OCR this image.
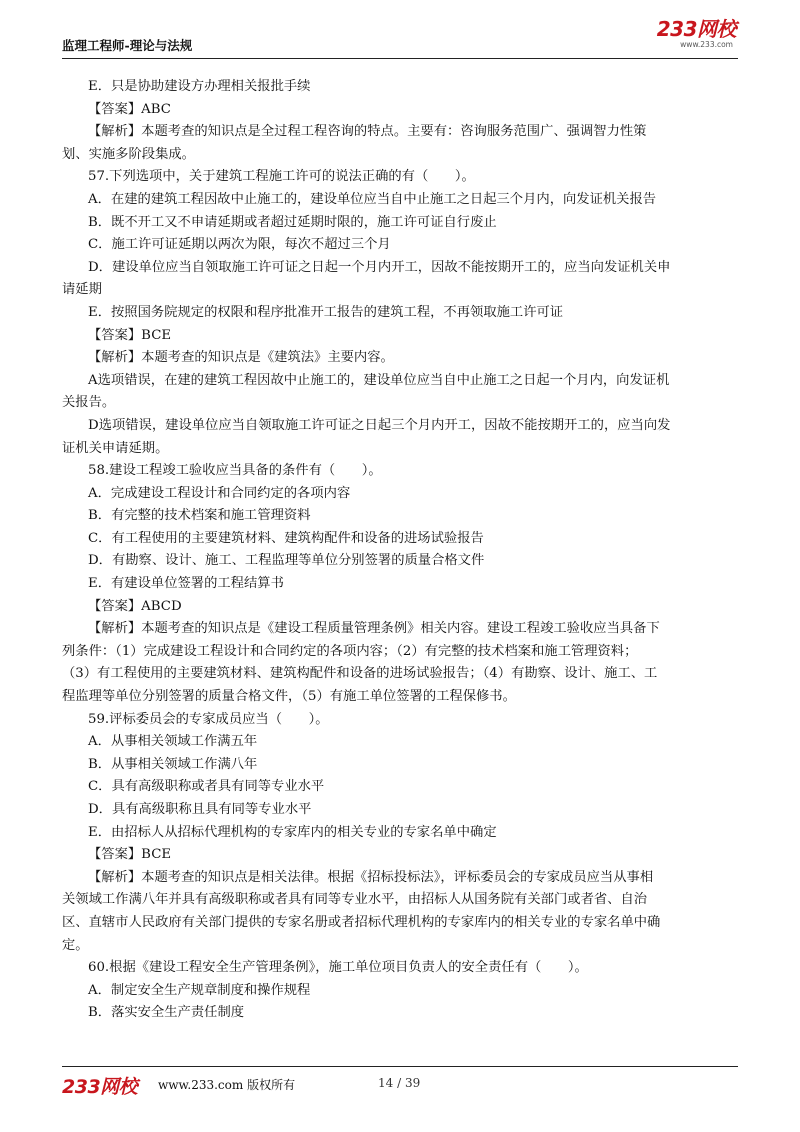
监理工程师-理论与法规
233网校
www.233.com
E．只是协助建设方办理相关报批手续
【答案】ABC
【解析】本题考查的知识点是全过程工程咨询的特点。主要有：咨询服务范围广、强调智力性策
划、实施多阶段集成。
57.下列选项中，关于建筑工程施工许可的说法正确的有（　　）。
A．在建的建筑工程因故中止施工的，建设单位应当自中止施工之日起三个月内，向发证机关报告
B．既不开工又不申请延期或者超过延期时限的，施工许可证自行废止
C．施工许可证延期以两次为限，每次不超过三个月
D．建设单位应当自领取施工许可证之日起一个月内开工，因故不能按期开工的，应当向发证机关申
请延期
E．按照国务院规定的权限和程序批准开工报告的建筑工程，不再领取施工许可证
【答案】BCE
【解析】本题考查的知识点是《建筑法》主要内容。
A选项错误，在建的建筑工程因故中止施工的，建设单位应当自中止施工之日起一个月内，向发证机
关报告。
D选项错误，建设单位应当自领取施工许可证之日起三个月内开工，因故不能按期开工的，应当向发
证机关申请延期。
58.建设工程竣工验收应当具备的条件有（　　）。
A．完成建设工程设计和合同约定的各项内容
B．有完整的技术档案和施工管理资料
C．有工程使用的主要建筑材料、建筑构配件和设备的进场试验报告
D．有勘察、设计、施工、工程监理等单位分别签署的质量合格文件
E．有建设单位签署的工程结算书
【答案】ABCD
【解析】本题考查的知识点是《建设工程质量管理条例》相关内容。建设工程竣工验收应当具备下
列条件：（1）完成建设工程设计和合同约定的各项内容；（2）有完整的技术档案和施工管理资料；
（3）有工程使用的主要建筑材料、建筑构配件和设备的进场试验报告；（4）有勘察、设计、施工、工
程监理等单位分别签署的质量合格文件，（5）有施工单位签署的工程保修书。
59.评标委员会的专家成员应当（　　）。
A．从事相关领域工作满五年
B．从事相关领域工作满八年
C．具有高级职称或者具有同等专业水平
D．具有高级职称且具有同等专业水平
E．由招标人从招标代理机构的专家库内的相关专业的专家名单中确定
【答案】BCE
【解析】本题考查的知识点是相关法律。根据《招标投标法》，评标委员会的专家成员应当从事相
关领域工作满八年并具有高级职称或者具有同等专业水平，由招标人从国务院有关部门或者省、自治
区、直辖市人民政府有关部门提供的专家名册或者招标代理机构的专家库内的相关专业的专家名单中确
定。
60.根据《建设工程安全生产管理条例》，施工单位项目负责人的安全责任有（　　）。
A．制定安全生产规章制度和操作规程
B．落实安全生产责任制度
233网校 www.233.com 版权所有	14 / 39
